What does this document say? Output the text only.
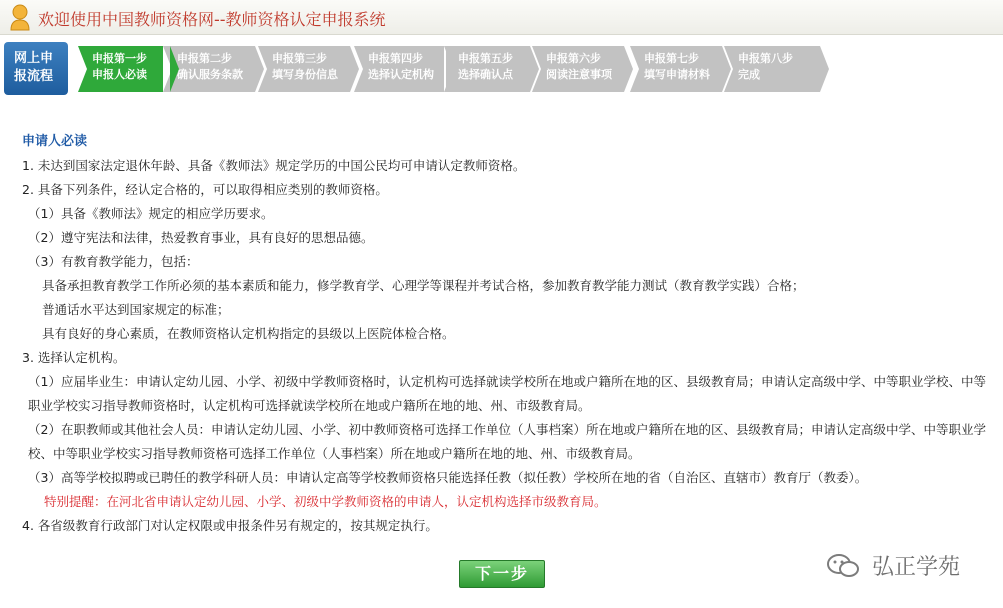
欢迎使用中国教师资格网--教师资格认定申报系统
网上申
报流程
申报第一步
申报人必读
申报第二步
确认服务条款
申报第三步
填写身份信息
申报第四步
选择认定机构
申报第五步
选择确认点
申报第六步
阅读注意事项
申报第七步
填写申请材料
申报第八步
完成
申请人必读
1. 未达到国家法定退休年龄、具备《教师法》规定学历的中国公民均可申请认定教师资格。
2. 具备下列条件，经认定合格的，可以取得相应类别的教师资格。
（1）具备《教师法》规定的相应学历要求。
（2）遵守宪法和法律，热爱教育事业，具有良好的思想品德。
（3）有教育教学能力，包括：
具备承担教育教学工作所必须的基本素质和能力，修学教育学、心理学等课程并考试合格，参加教育教学能力测试（教育教学实践）合格；
普通话水平达到国家规定的标准；
具有良好的身心素质，在教师资格认定机构指定的县级以上医院体检合格。
3. 选择认定机构。
（1）应届毕业生：申请认定幼儿园、小学、初级中学教师资格时，认定机构可选择就读学校所在地或户籍所在地的区、县级教育局；申请认定高级中学、中等职业学校、中等职业学校实习指导教师资格时，认定机构可选择就读学校所在地或户籍所在地的地、州、市级教育局。
（2）在职教师或其他社会人员：申请认定幼儿园、小学、初中教师资格可选择工作单位（人事档案）所在地或户籍所在地的区、县级教育局；申请认定高级中学、中等职业学校、中等职业学校实习指导教师资格可选择工作单位（人事档案）所在地或户籍所在地的地、州、市级教育局。
（3）高等学校拟聘或已聘任的教学科研人员：申请认定高等学校教师资格只能选择任教（拟任教）学校所在地的省（自治区、直辖市）教育厅（教委）。
特别提醒：在河北省申请认定幼儿园、小学、初级中学教师资格的申请人，认定机构选择市级教育局。
4. 各省级教育行政部门对认定权限或申报条件另有规定的，按其规定执行。
下一步	弘正学苑
